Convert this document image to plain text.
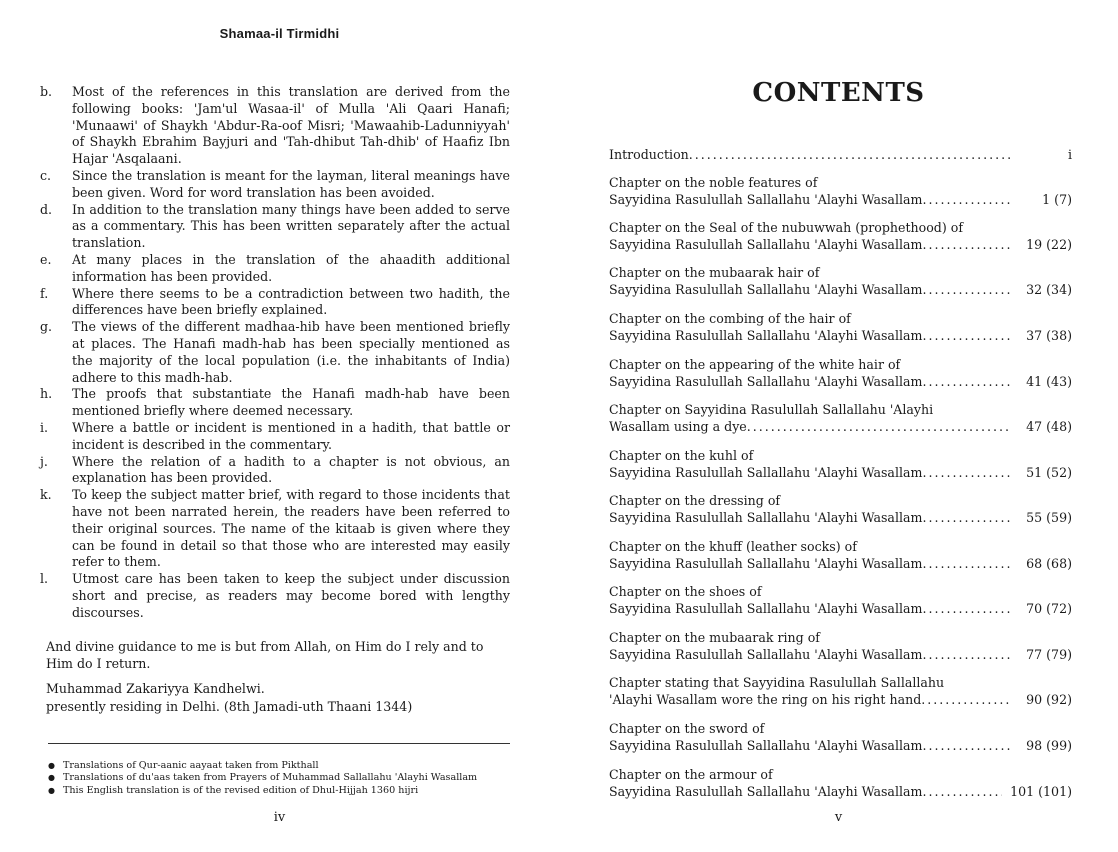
Shamaa-il Tirmidhi
b.	Most of the references in this translation are derived from the following books: 'Jam'ul Wasaa-il' of Mulla 'Ali Qaari Hanafi; 'Munaawi' of Shaykh 'Abdur-Ra-oof Misri; 'Mawaahib-Ladunniyyah' of Shaykh Ebrahim Bayjuri and 'Tah-dhibut Tah-dhib' of Haafiz Ibn Hajar 'Asqalaani.
c.	Since the translation is meant for the layman, literal meanings have been given. Word for word translation has been avoided.
d.	In addition to the translation many things have been added to serve as a commentary. This has been written separately after the actual translation.
e.	At many places in the translation of the ahaadith additional information has been provided.
f.	Where there seems to be a contradiction between two hadith, the differences have been briefly explained.
g.	The views of the different madhaa-hib have been mentioned briefly at places. The Hanafi madh-hab has been specially mentioned as the majority of the local population (i.e. the inhabitants of India) adhere to this madh-hab.
h.	The proofs that substantiate the Hanafi madh-hab have been mentioned briefly where deemed necessary.
i.	Where a battle or incident is mentioned in a hadith, that battle or incident is described in the commentary.
j.	Where the relation of a hadith to a chapter is not obvious, an explanation has been provided.
k.	To keep the subject matter brief, with regard to those incidents that have not been narrated herein, the readers have been referred to their original sources. The name of the kitaab is given where they can be found in detail so that those who are interested may easily refer to them.
l.	Utmost care has been taken to keep the subject under discussion short and precise, as readers may become bored with lengthy discourses.
And divine guidance to me is but from Allah, on Him do I rely and to Him do I return.
Muhammad Zakariyya Kandhelwi.
presently residing in Delhi. (8th Jamadi-uth Thaani 1344)
● Translations of Qur-aanic aayaat taken from Pikthall
● Translations of du'aas taken from Prayers of Muhammad Sallallahu 'Alayhi Wasallam
● This English translation is of the revised edition of Dhul-Hijjah 1360 hijri
iv
CONTENTS
Introduction . . .	i
Chapter on the noble features of
Sayyidina Rasulullah Sallallahu 'Alayhi Wasallam . . .	1 (7)
Chapter on the Seal of the nubuwwah (prophethood) of
Sayyidina Rasulullah Sallallahu 'Alayhi Wasallam . . .	19 (22)
Chapter on the mubaarak hair of
Sayyidina Rasulullah Sallallahu 'Alayhi Wasallam . . .	32 (34)
Chapter on the combing of the hair of
Sayyidina Rasulullah Sallallahu 'Alayhi Wasallam . . .	37 (38)
Chapter on the appearing of the white hair of
Sayyidina Rasulullah Sallallahu 'Alayhi Wasallam . . .	41 (43)
Chapter on Sayyidina Rasulullah Sallallahu 'Alayhi
Wasallam using a dye . . .	47 (48)
Chapter on the kuhl of
Sayyidina Rasulullah Sallallahu 'Alayhi Wasallam . . .	51 (52)
Chapter on the dressing of
Sayyidina Rasulullah Sallallahu 'Alayhi Wasallam . . .	55 (59)
Chapter on the khuff (leather socks) of
Sayyidina Rasulullah Sallallahu 'Alayhi Wasallam . . .	68 (68)
Chapter on the shoes of
Sayyidina Rasulullah Sallallahu 'Alayhi Wasallam . . .	70 (72)
Chapter on the mubaarak ring of
Sayyidina Rasulullah Sallallahu 'Alayhi Wasallam . . .	77 (79)
Chapter stating that Sayyidina Rasulullah Sallallahu
'Alayhi Wasallam wore the ring on his right hand . . .	90 (92)
Chapter on the sword of
Sayyidina Rasulullah Sallallahu 'Alayhi Wasallam . . .	98 (99)
Chapter on the armour of
Sayyidina Rasulullah Sallallahu 'Alayhi Wasallam . . .	101 (101)
v
